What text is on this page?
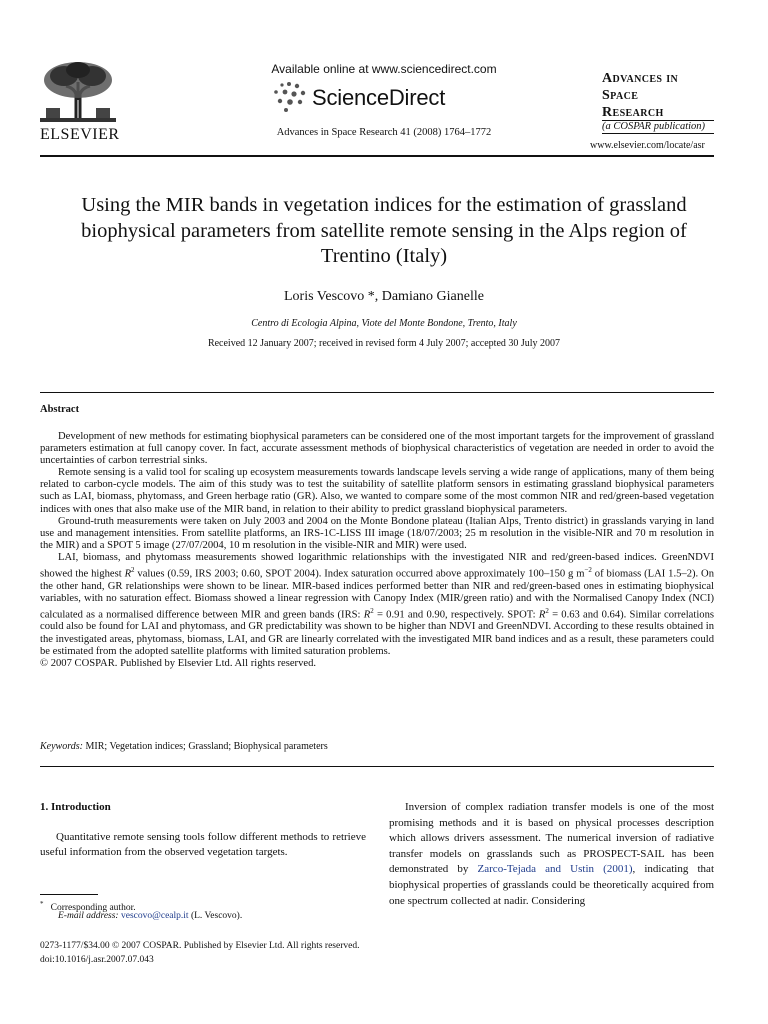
ELSEVIER
Available online at www.sciencedirect.com
ScienceDirect
Advances in Space Research 41 (2008) 1764–1772
Advances in
Space
Research
(a COSPAR publication)
www.elsevier.com/locate/asr
Using the MIR bands in vegetation indices for the estimation of grassland biophysical parameters from satellite remote sensing in the Alps region of Trentino (Italy)
Loris Vescovo *, Damiano Gianelle
Centro di Ecologia Alpina, Viote del Monte Bondone, Trento, Italy
Received 12 January 2007; received in revised form 4 July 2007; accepted 30 July 2007
Abstract

Development of new methods for estimating biophysical parameters can be considered one of the most important targets for the improvement of grassland parameters estimation at full canopy cover. In fact, accurate assessment methods of biophysical characteristics of vegetation are needed in order to avoid the uncertainties of carbon terrestrial sinks.

Remote sensing is a valid tool for scaling up ecosystem measurements towards landscape levels serving a wide range of applications, many of them being related to carbon-cycle models. The aim of this study was to test the suitability of satellite platform sensors in estimating grassland biophysical parameters such as LAI, biomass, phytomass, and Green herbage ratio (GR). Also, we wanted to compare some of the most common NIR and red/green-based vegetation indices with ones that also make use of the MIR band, in relation to their ability to predict grassland biophysical parameters.

Ground-truth measurements were taken on July 2003 and 2004 on the Monte Bondone plateau (Italian Alps, Trento district) in grasslands varying in land use and management intensities. From satellite platforms, an IRS-1C-LISS III image (18/07/2003; 25 m resolution in the visible-NIR and 70 m resolution in the MIR) and a SPOT 5 image (27/07/2004, 10 m resolution in the visible-NIR and MIR) were used.

LAI, biomass, and phytomass measurements showed logarithmic relationships with the investigated NIR and red/green-based indices. GreenNDVI showed the highest $R^2$ values (0.59, IRS 2003; 0.60, SPOT 2004). Index saturation occurred above approximately 100–150 g $m^{-2}$ of biomass (LAI 1.5–2). On the other hand, GR relationships were shown to be linear. MIR-based indices performed better than NIR and red/green-based ones in estimating biophysical variables, with no saturation effect. Biomass showed a linear regression with Canopy Index (MIR/green ratio) and with the Normalised Canopy Index (NCI) calculated as a normalised difference between MIR and green bands (IRS: $R^2 = 0.91$ and 0.90, respectively. SPOT: $R^2 = 0.63$ and 0.64). Similar correlations could also be found for LAI and phytomass, and GR predictability was shown to be higher than NDVI and GreenNDVI. According to these results obtained in the investigated areas, phytomass, biomass, LAI, and GR are linearly correlated with the investigated MIR band indices and as a result, these parameters could be estimated from the adopted satellite platforms with limited saturation problems.

© 2007 COSPAR. Published by Elsevier Ltd. All rights reserved.

Keywords: MIR; Vegetation indices; Grassland; Biophysical parameters
1. Introduction

Quantitative remote sensing tools follow different methods to retrieve useful information from the observed vegetation targets.

Inversion of complex radiation transfer models is one of the most promising methods and it is based on physical processes description which allows drivers assessment. The numerical inversion of radiative transfer models on grasslands such as PROSPECT-SAIL has been demonstrated by Zarco-Tejada and Ustin (2001), indicating that biophysical properties of grasslands could be theoretically acquired from one spectrum collected at nadir. Considering

* Corresponding author.
E-mail address: vescovo@cealp.it (L. Vescovo).
0273-1177/$34.00 © 2007 COSPAR. Published by Elsevier Ltd. All rights reserved.
doi:10.1016/j.asr.2007.07.043
